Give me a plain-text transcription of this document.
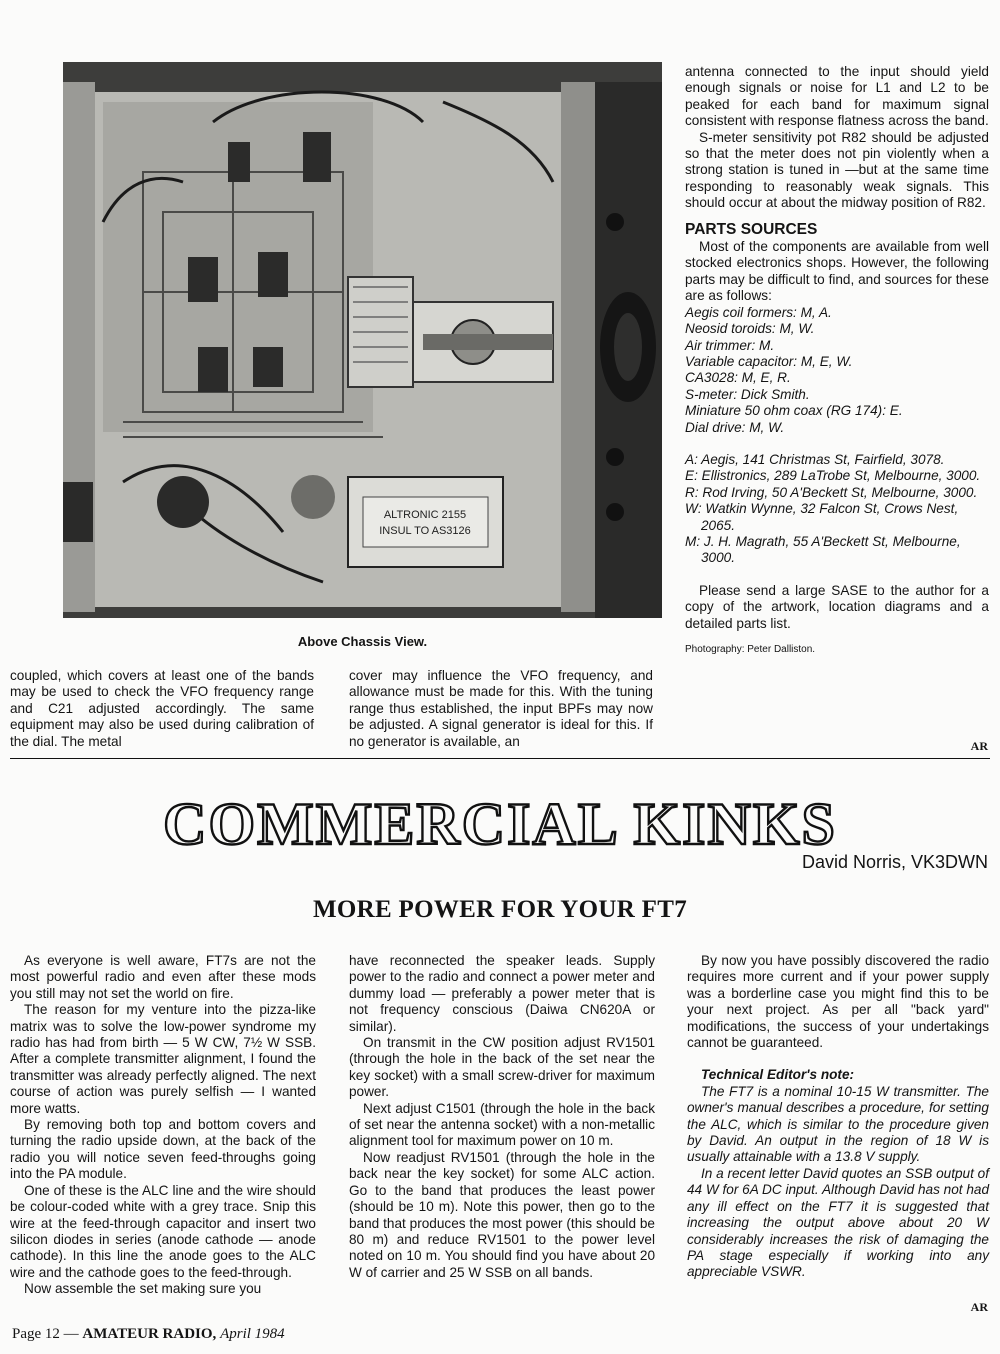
ALTRONIC 2155
INSUL TO AS3126
Above Chassis View.

coupled, which covers at least one of the bands may be used to check the VFO frequency range and C21 adjusted accordingly. The same equipment may also be used during calibration of the dial. The metal

cover may influence the VFO frequency, and allowance must be made for this. With the tuning range thus established, the input BPFs may now be adjusted. A signal generator is ideal for this. If no generator is available, an

antenna connected to the input should yield enough signals or noise for L1 and L2 to be peaked for each band for maximum signal consistent with response flatness across the band.

S-meter sensitivity pot R82 should be adjusted so that the meter does not pin violently when a strong station is tuned in —but at the same time responding to reasonably weak signals. This should occur at about the midway position of R82.

PARTS SOURCES

Most of the components are available from well stocked electronics shops. However, the following parts may be difficult to find, and sources for these are as follows:

Aegis coil formers: M, A.
Neosid toroids: M, W.
Air trimmer: M.
Variable capacitor: M, E, W.
CA3028: M, E, R.
S-meter: Dick Smith.
Miniature 50 ohm coax (RG 174): E.
Dial drive: M, W.

A: Aegis, 141 Christmas St, Fairfield, 3078.

E: Ellistronics, 289 LaTrobe St, Melbourne, 3000.

R: Rod Irving, 50 A'Beckett St, Melbourne, 3000.

W: Watkin Wynne, 32 Falcon St, Crows Nest, 2065.

M: J. H. Magrath, 55 A'Beckett St, Melbourne, 3000.

Please send a large SASE to the author for a copy of the artwork, location diagrams and a detailed parts list.

Photography: Peter Dalliston.
AR
COMMERCIAL KINKS
David Norris, VK3DWN
MORE POWER FOR YOUR FT7

As everyone is well aware, FT7s are not the most powerful radio and even after these mods you still may not set the world on fire.

The reason for my venture into the pizza-like matrix was to solve the low-power syndrome my radio has had from birth — 5 W CW, 7½ W SSB. After a complete transmitter alignment, I found the transmitter was already perfectly aligned. The next course of action was purely selfish — I wanted more watts.

By removing both top and bottom covers and turning the radio upside down, at the back of the radio you will notice seven feed-throughs going into the PA module.

One of these is the ALC line and the wire should be colour-coded white with a grey trace. Snip this wire at the feed-through capacitor and insert two silicon diodes in series (anode cathode — anode cathode). In this line the anode goes to the ALC wire and the cathode goes to the feed-through.

Now assemble the set making sure you

have reconnected the speaker leads. Supply power to the radio and connect a power meter and dummy load — preferably a power meter that is not frequency conscious (Daiwa CN620A or similar).

On transmit in the CW position adjust RV1501 (through the hole in the back of the set near the key socket) with a small screw-driver for maximum power.

Next adjust C1501 (through the hole in the back of set near the antenna socket) with a non-metallic alignment tool for maximum power on 10 m.

Now readjust RV1501 (through the hole in the back near the key socket) for some ALC action. Go to the band that produces the least power (should be 10 m). Note this power, then go to the band that produces the most power (this should be 80 m) and reduce RV1501 to the power level noted on 10 m. You should find you have about 20 W of carrier and 25 W SSB on all bands.

By now you have possibly discovered the radio requires more current and if your power supply was a borderline case you might find this to be your next project. As per all "back yard" modifications, the success of your undertakings cannot be guaranteed.

Technical Editor's note:

The FT7 is a nominal 10-15 W transmitter. The owner's manual describes a procedure, for setting the ALC, which is similar to the procedure given by David. An output in the region of 18 W is usually attainable with a 13.8 V supply.

In a recent letter David quotes an SSB output of 44 W for 6A DC input. Although David has not had any ill effect on the FT7 it is suggested that increasing the output above about 20 W considerably increases the risk of damaging the PA stage especially if working into any appreciable VSWR.

AR
Page 12 — AMATEUR RADIO, April 1984
